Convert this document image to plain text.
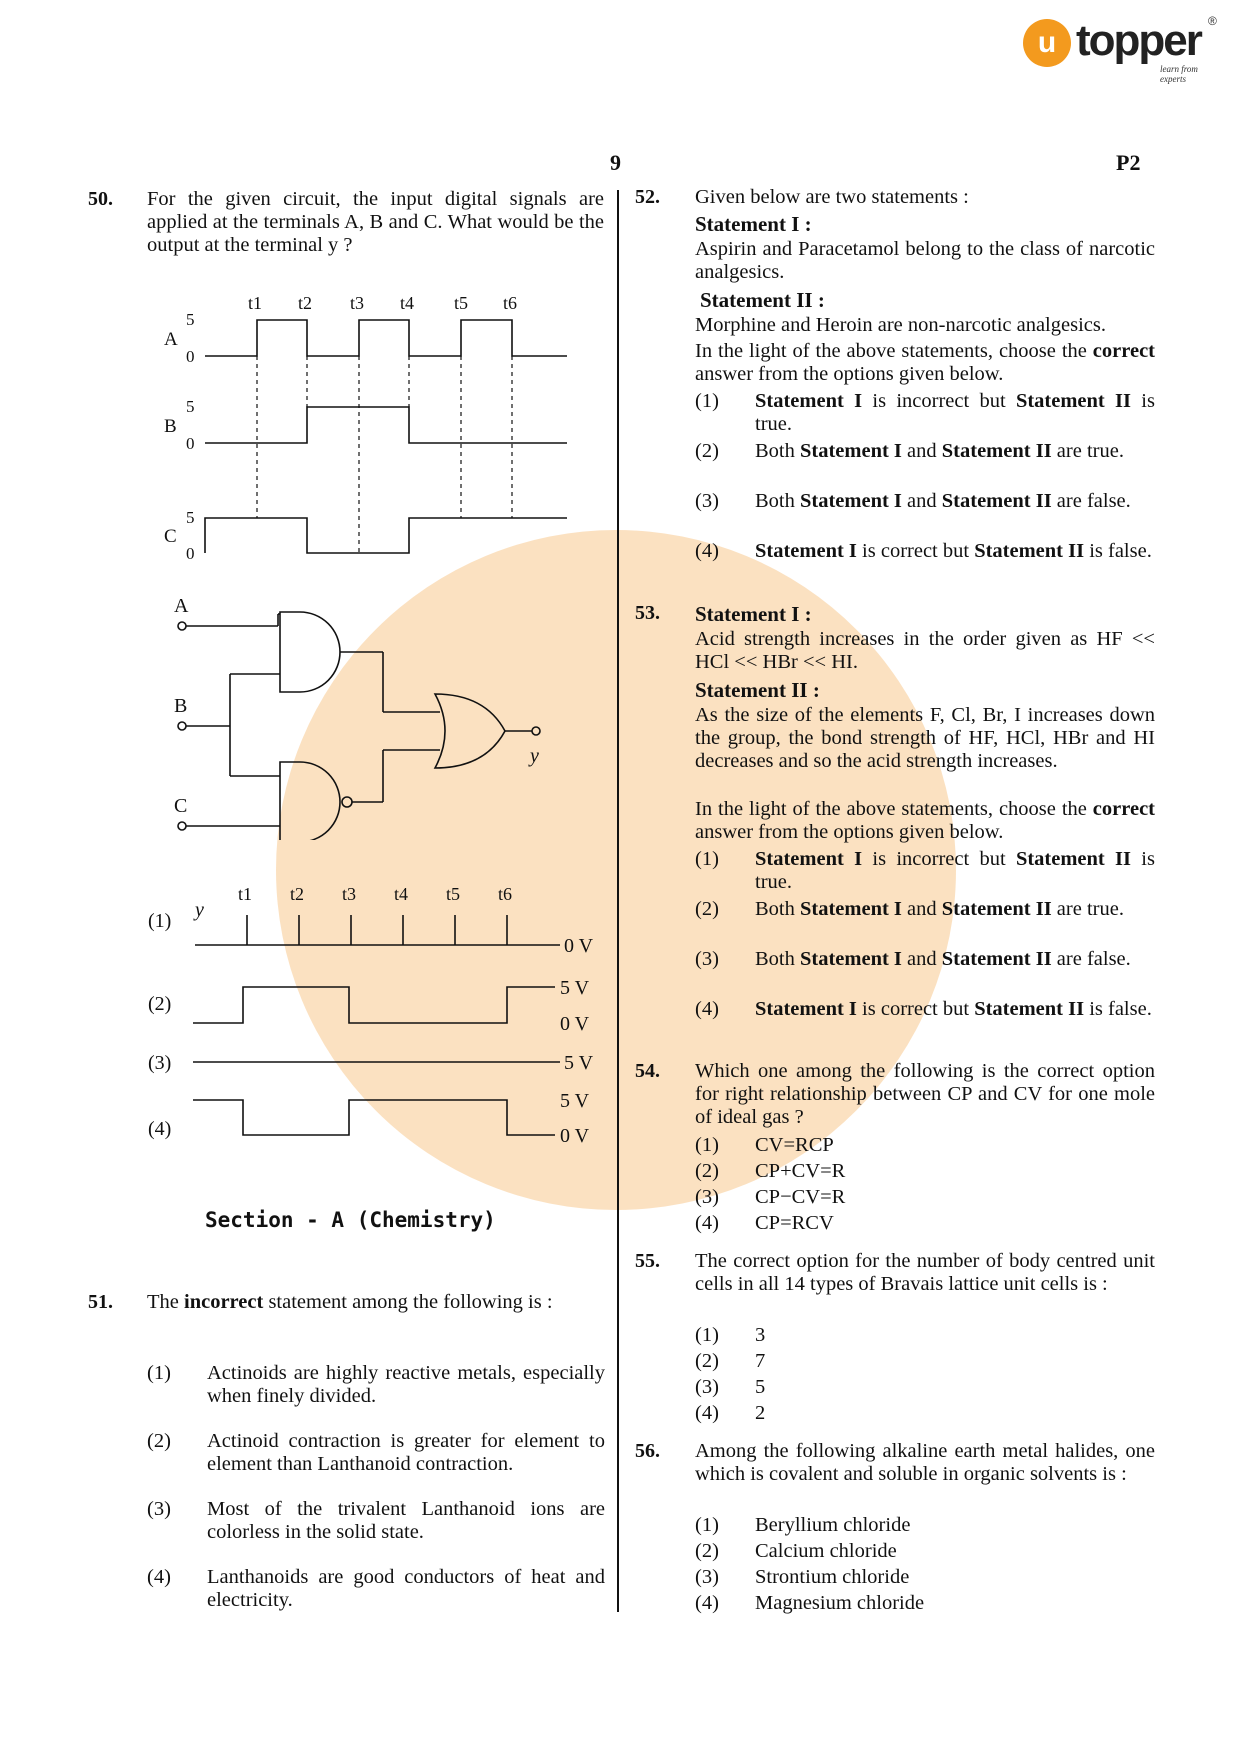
u topper
learn from experts
®
9	P2
50. For the given circuit, the input digital signals are applied at the terminals A, B and C. What would be the output at the terminal y ?
A
B
C
5
0
5
0
5
0
t1 t2 t3 t4 t5 t6
A
B
C
y
(1)
(2)
(3)
(4)
y
t1 t2 t3 t4 t5 t6
0 V
5 V
0 V
5 V
5 V
0 V
Section - A (Chemistry)
51. The incorrect statement among the following is :
(1) Actinoids are highly reactive metals, especially when finely divided.
(2) Actinoid contraction is greater for element to element than Lanthanoid contraction.
(3) Most of the trivalent Lanthanoid ions are colorless in the solid state.
(4) Lanthanoids are good conductors of heat and electricity.
52. Given below are two statements :
Statement I :
Aspirin and Paracetamol belong to the class of narcotic analgesics.
Statement II :
Morphine and Heroin are non-narcotic analgesics.
In the light of the above statements, choose the correct answer from the options given below.
(1) Statement I is incorrect but Statement II is true.
(2) Both Statement I and Statement II are true.
(3) Both Statement I and Statement II are false.
(4) Statement I is correct but Statement II is false.
53. Statement I :
Acid strength increases in the order given as HF << HCl << HBr << HI.
Statement II :
As the size of the elements F, Cl, Br, I increases down the group, the bond strength of HF, HCl, HBr and HI decreases and so the acid strength increases.
In the light of the above statements, choose the correct answer from the options given below.
(1) Statement I is incorrect but Statement II is true.
(2) Both Statement I and Statement II are true.
(3) Both Statement I and Statement II are false.
(4) Statement I is correct but Statement II is false.
54. Which one among the following is the correct option for right relationship between CP and CV for one mole of ideal gas ?
(1) CV=RCP
(2) CP+CV=R
(3) CP−CV=R
(4) CP=RCV
55. The correct option for the number of body centred unit cells in all 14 types of Bravais lattice unit cells is :
(1) 3
(2) 7
(3) 5
(4) 2
56. Among the following alkaline earth metal halides, one which is covalent and soluble in organic solvents is :
(1) Beryllium chloride
(2) Calcium chloride
(3) Strontium chloride
(4) Magnesium chloride
